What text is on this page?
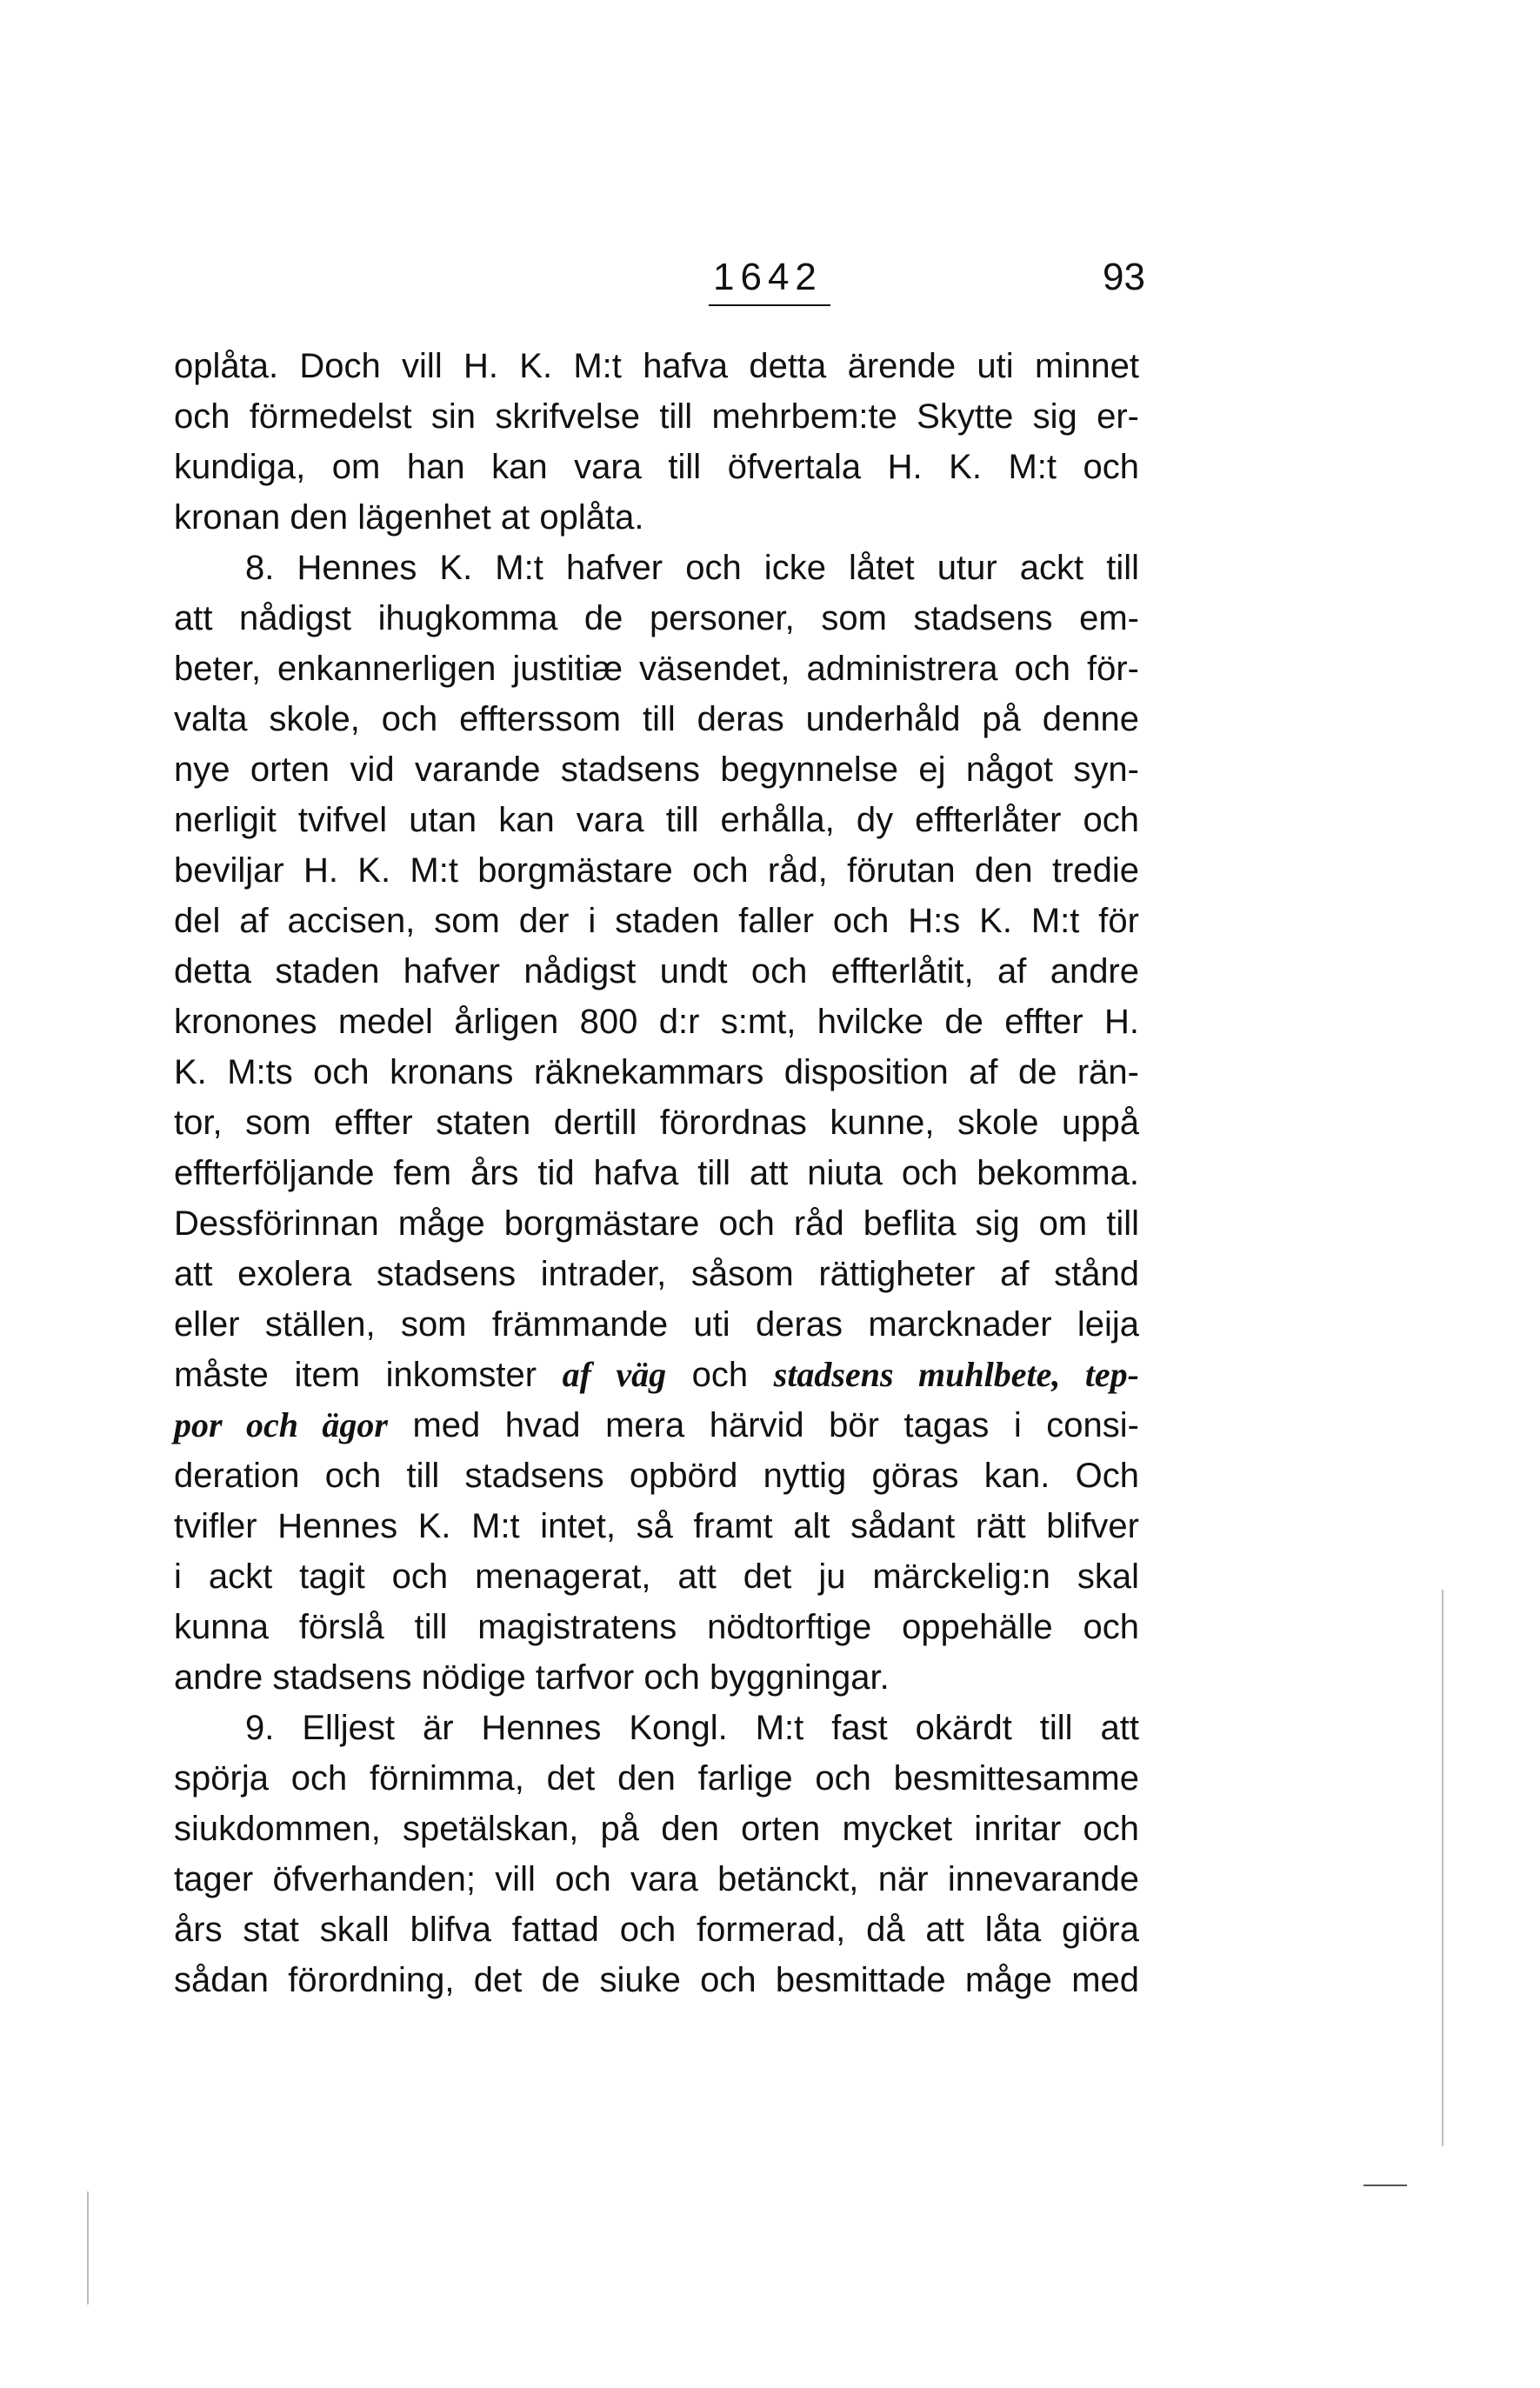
1642	93
oplåta. Doch vill H. K. M:t hafva detta ärende uti minnet
och förmedelst sin skrifvelse till mehrbem:te Skytte sig er-
kundiga, om han kan vara till öfvertala H. K. M:t och
kronan den lägenhet at oplåta.
8. Hennes K. M:t hafver och icke låtet utur ackt till
att nådigst ihugkomma de personer, som stadsens em-
beter, enkannerligen justitiæ väsendet, administrera och för-
valta skole, och effterssom till deras underhåld på denne
nye orten vid varande stadsens begynnelse ej något syn-
nerligit tvifvel utan kan vara till erhålla, dy effterlåter och
beviljar H. K. M:t borgmästare och råd, förutan den tredie
del af accisen, som der i staden faller och H:s K. M:t för
detta staden hafver nådigst undt och effterlåtit, af andre
kronones medel årligen 800 d:r s:mt, hvilcke de effter H.
K. M:ts och kronans räknekammars disposition af de rän-
tor, som effter staten dertill förordnas kunne, skole uppå
effterföljande fem års tid hafva till att niuta och bekomma.
Dessförinnan måge borgmästare och råd beflita sig om till
att exolera stadsens intrader, såsom rättigheter af stånd
eller ställen, som främmande uti deras marcknader leija
måste item inkomster af väg och stadsens muhlbete, tep-
por och ägor med hvad mera härvid bör tagas i consi-
deration och till stadsens opbörd nyttig göras kan. Och
tvifler Hennes K. M:t intet, så framt alt sådant rätt blifver
i ackt tagit och menagerat, att det ju märckelig:n skal
kunna förslå till magistratens nödtorftige oppehälle och
andre stadsens nödige tarfvor och byggningar.
9. Elljest är Hennes Kongl. M:t fast okärdt till att
spörja och förnimma, det den farlige och besmittesamme
siukdommen, spetälskan, på den orten mycket inritar och
tager öfverhanden; vill och vara betänckt, när innevarande
års stat skall blifva fattad och formerad, då att låta giöra
sådan förordning, det de siuke och besmittade måge med
